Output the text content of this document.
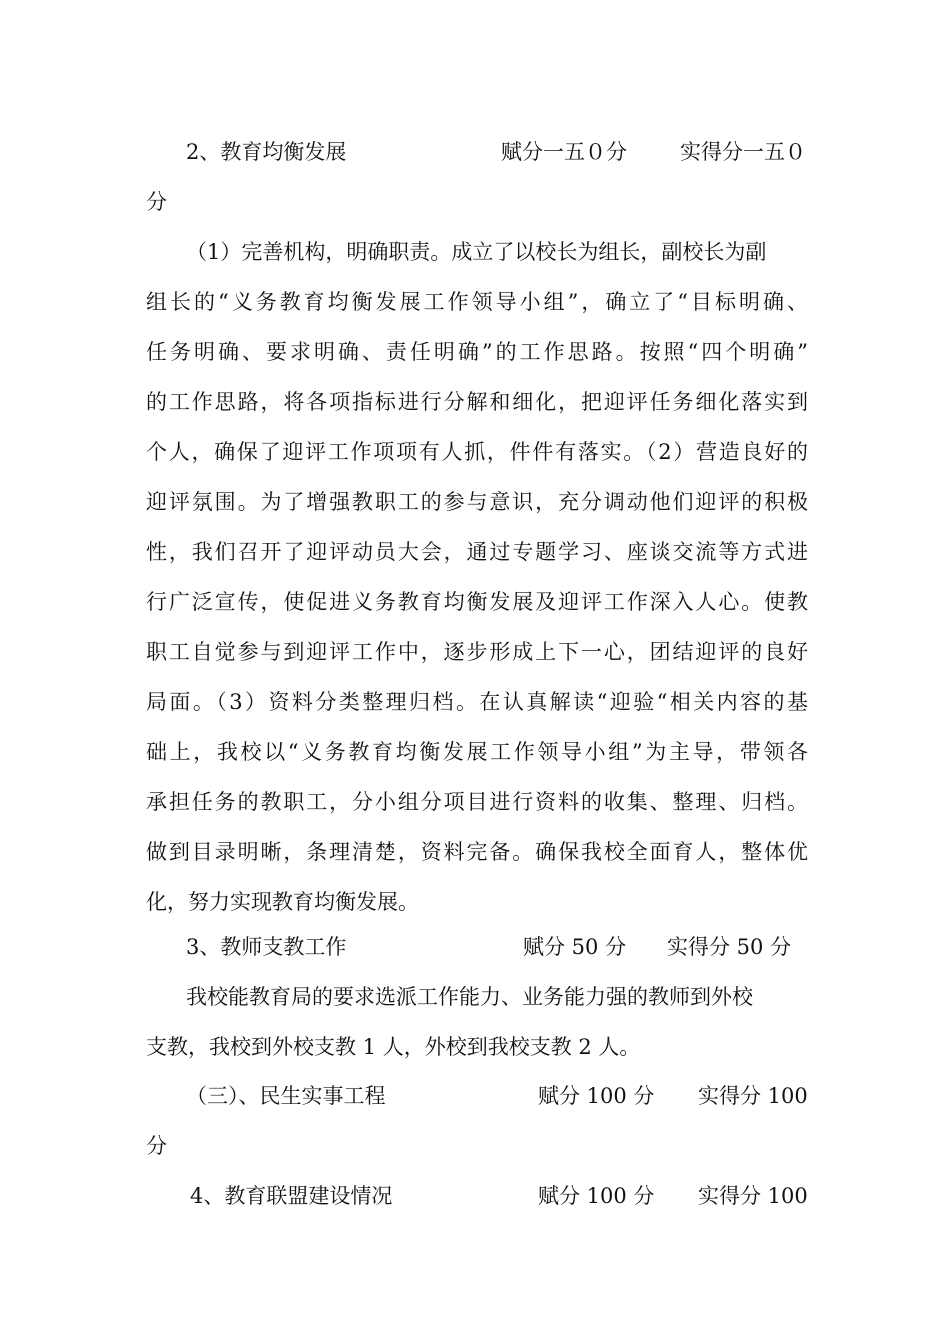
2、教育均衡发展	赋分一五０分	实得分一五０
分
（1）完善机构，明确职责。成立了以校长为组长，副校长为副
组长的“义务教育均衡发展工作领导小组”，确立了“目标明确、
任务明确、要求明确、责任明确”的工作思路。按照“四个明确”
的工作思路，将各项指标进行分解和细化，把迎评任务细化落实到
个人，确保了迎评工作项项有人抓，件件有落实。（2）营造良好的
迎评氛围。为了增强教职工的参与意识，充分调动他们迎评的积极
性，我们召开了迎评动员大会，通过专题学习、座谈交流等方式进
行广泛宣传，使促进义务教育均衡发展及迎评工作深入人心。使教
职工自觉参与到迎评工作中，逐步形成上下一心，团结迎评的良好
局面。（3）资料分类整理归档。在认真解读“迎验“相关内容的基
础上，我校以“义务教育均衡发展工作领导小组”为主导，带领各
承担任务的教职工，分小组分项目进行资料的收集、整理、归档。
做到目录明晰，条理清楚，资料完备。确保我校全面育人，整体优
化，努力实现教育均衡发展。
3、教师支教工作	赋分 50 分 实得分 50 分
我校能教育局的要求选派工作能力、业务能力强的教师到外校
支教，我校到外校支教 1 人，外校到我校支教 2 人。
（三）、民生实事工程	赋分 100 分 实得分 100
分
4、教育联盟建设情况	赋分 100 分 实得分 100
